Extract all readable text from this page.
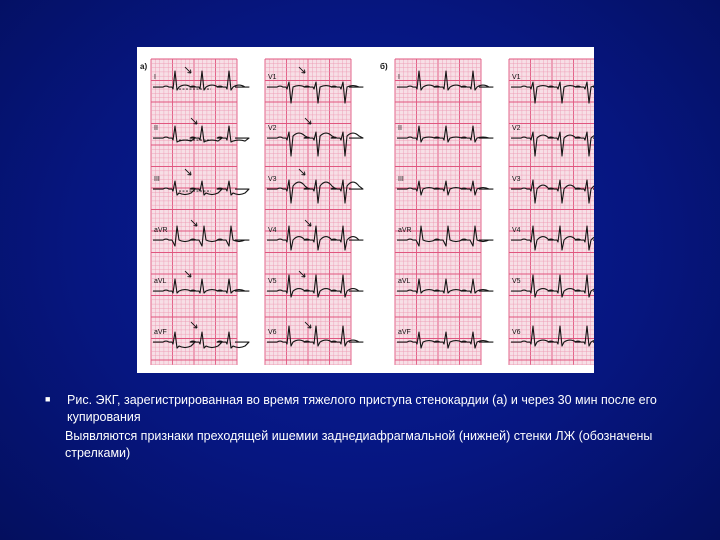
а)	б)
I
II
III
aVR
aVL
aVF
V1
V2
V3
V4
V5
V6
I
II
III
aVR
aVL
aVF
V1
V2
V3
V4
V5
V6
■ Рис. ЭКГ, зарегистрированная во время тяжелого приступа стенокардии (а) и через 30 мин после его купирования
Выявляются признаки преходящей ишемии заднедиафрагмальной (нижней) стенки ЛЖ (обозначены стрелками)
